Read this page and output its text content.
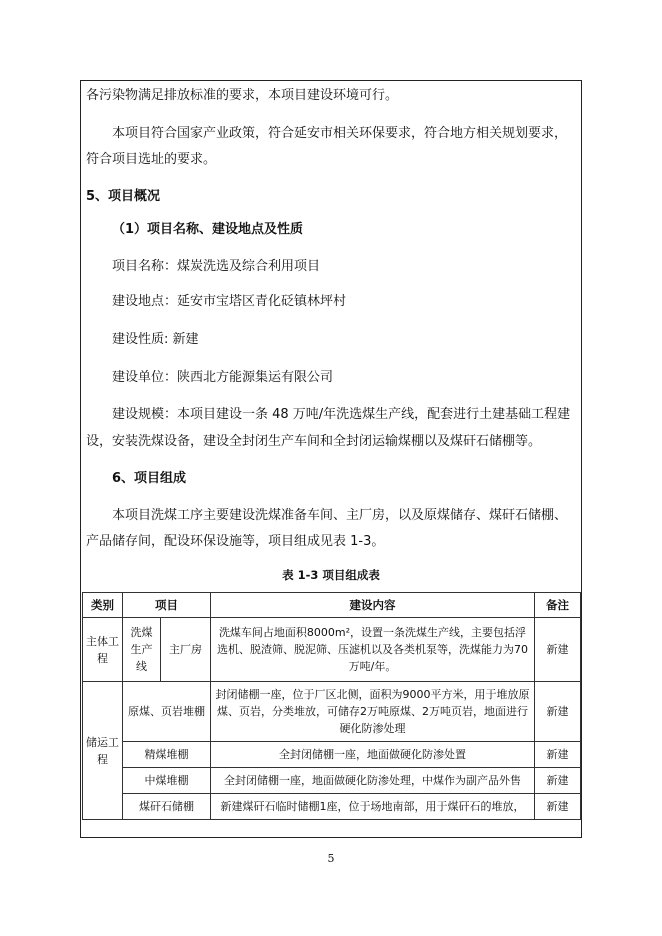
各污染物满足排放标准的要求，本项目建设环境可行。
本项目符合国家产业政策，符合延安市相关环保要求，符合地方相关规划要求，
符合项目选址的要求。
5、项目概况
（1）项目名称、建设地点及性质
项目名称：煤炭洗选及综合利用项目
建设地点：延安市宝塔区青化砭镇林坪村
建设性质: 新建
建设单位：陕西北方能源集运有限公司
建设规模：本项目建设一条 48 万吨/年洗选煤生产线，配套进行土建基础工程建
设，安装洗煤设备，建设全封闭生产车间和全封闭运输煤棚以及煤矸石储棚等。
6、项目组成
本项目洗煤工序主要建设洗煤准备车间、主厂房，以及原煤储存、煤矸石储棚、
产品储存间，配设环保设施等，项目组成见表 1-3。
表 1-3 项目组成表
类别	项目		建设内容	备注
主体工程	洗煤生产线	主厂房	洗煤车间占地面积8000m²，设置一条洗煤生产线，主要包括浮选机、脱渣筛、脱泥筛、压滤机以及各类机泵等，洗煤能力为70万吨/年。	新建
储运工程	原煤、页岩堆棚		封闭储棚一座，位于厂区北侧，面积为9000平方米，用于堆放原煤、页岩，分类堆放，可储存2万吨原煤、2万吨页岩，地面进行硬化防渗处理	新建
	精煤堆棚		全封闭储棚一座，地面做硬化防渗处置	新建
	中煤堆棚		全封闭储棚一座，地面做硬化防渗处理，中煤作为副产品外售	新建
	煤矸石储棚		新建煤矸石临时储棚1座，位于场地南部，用于煤矸石的堆放，	新建
5
